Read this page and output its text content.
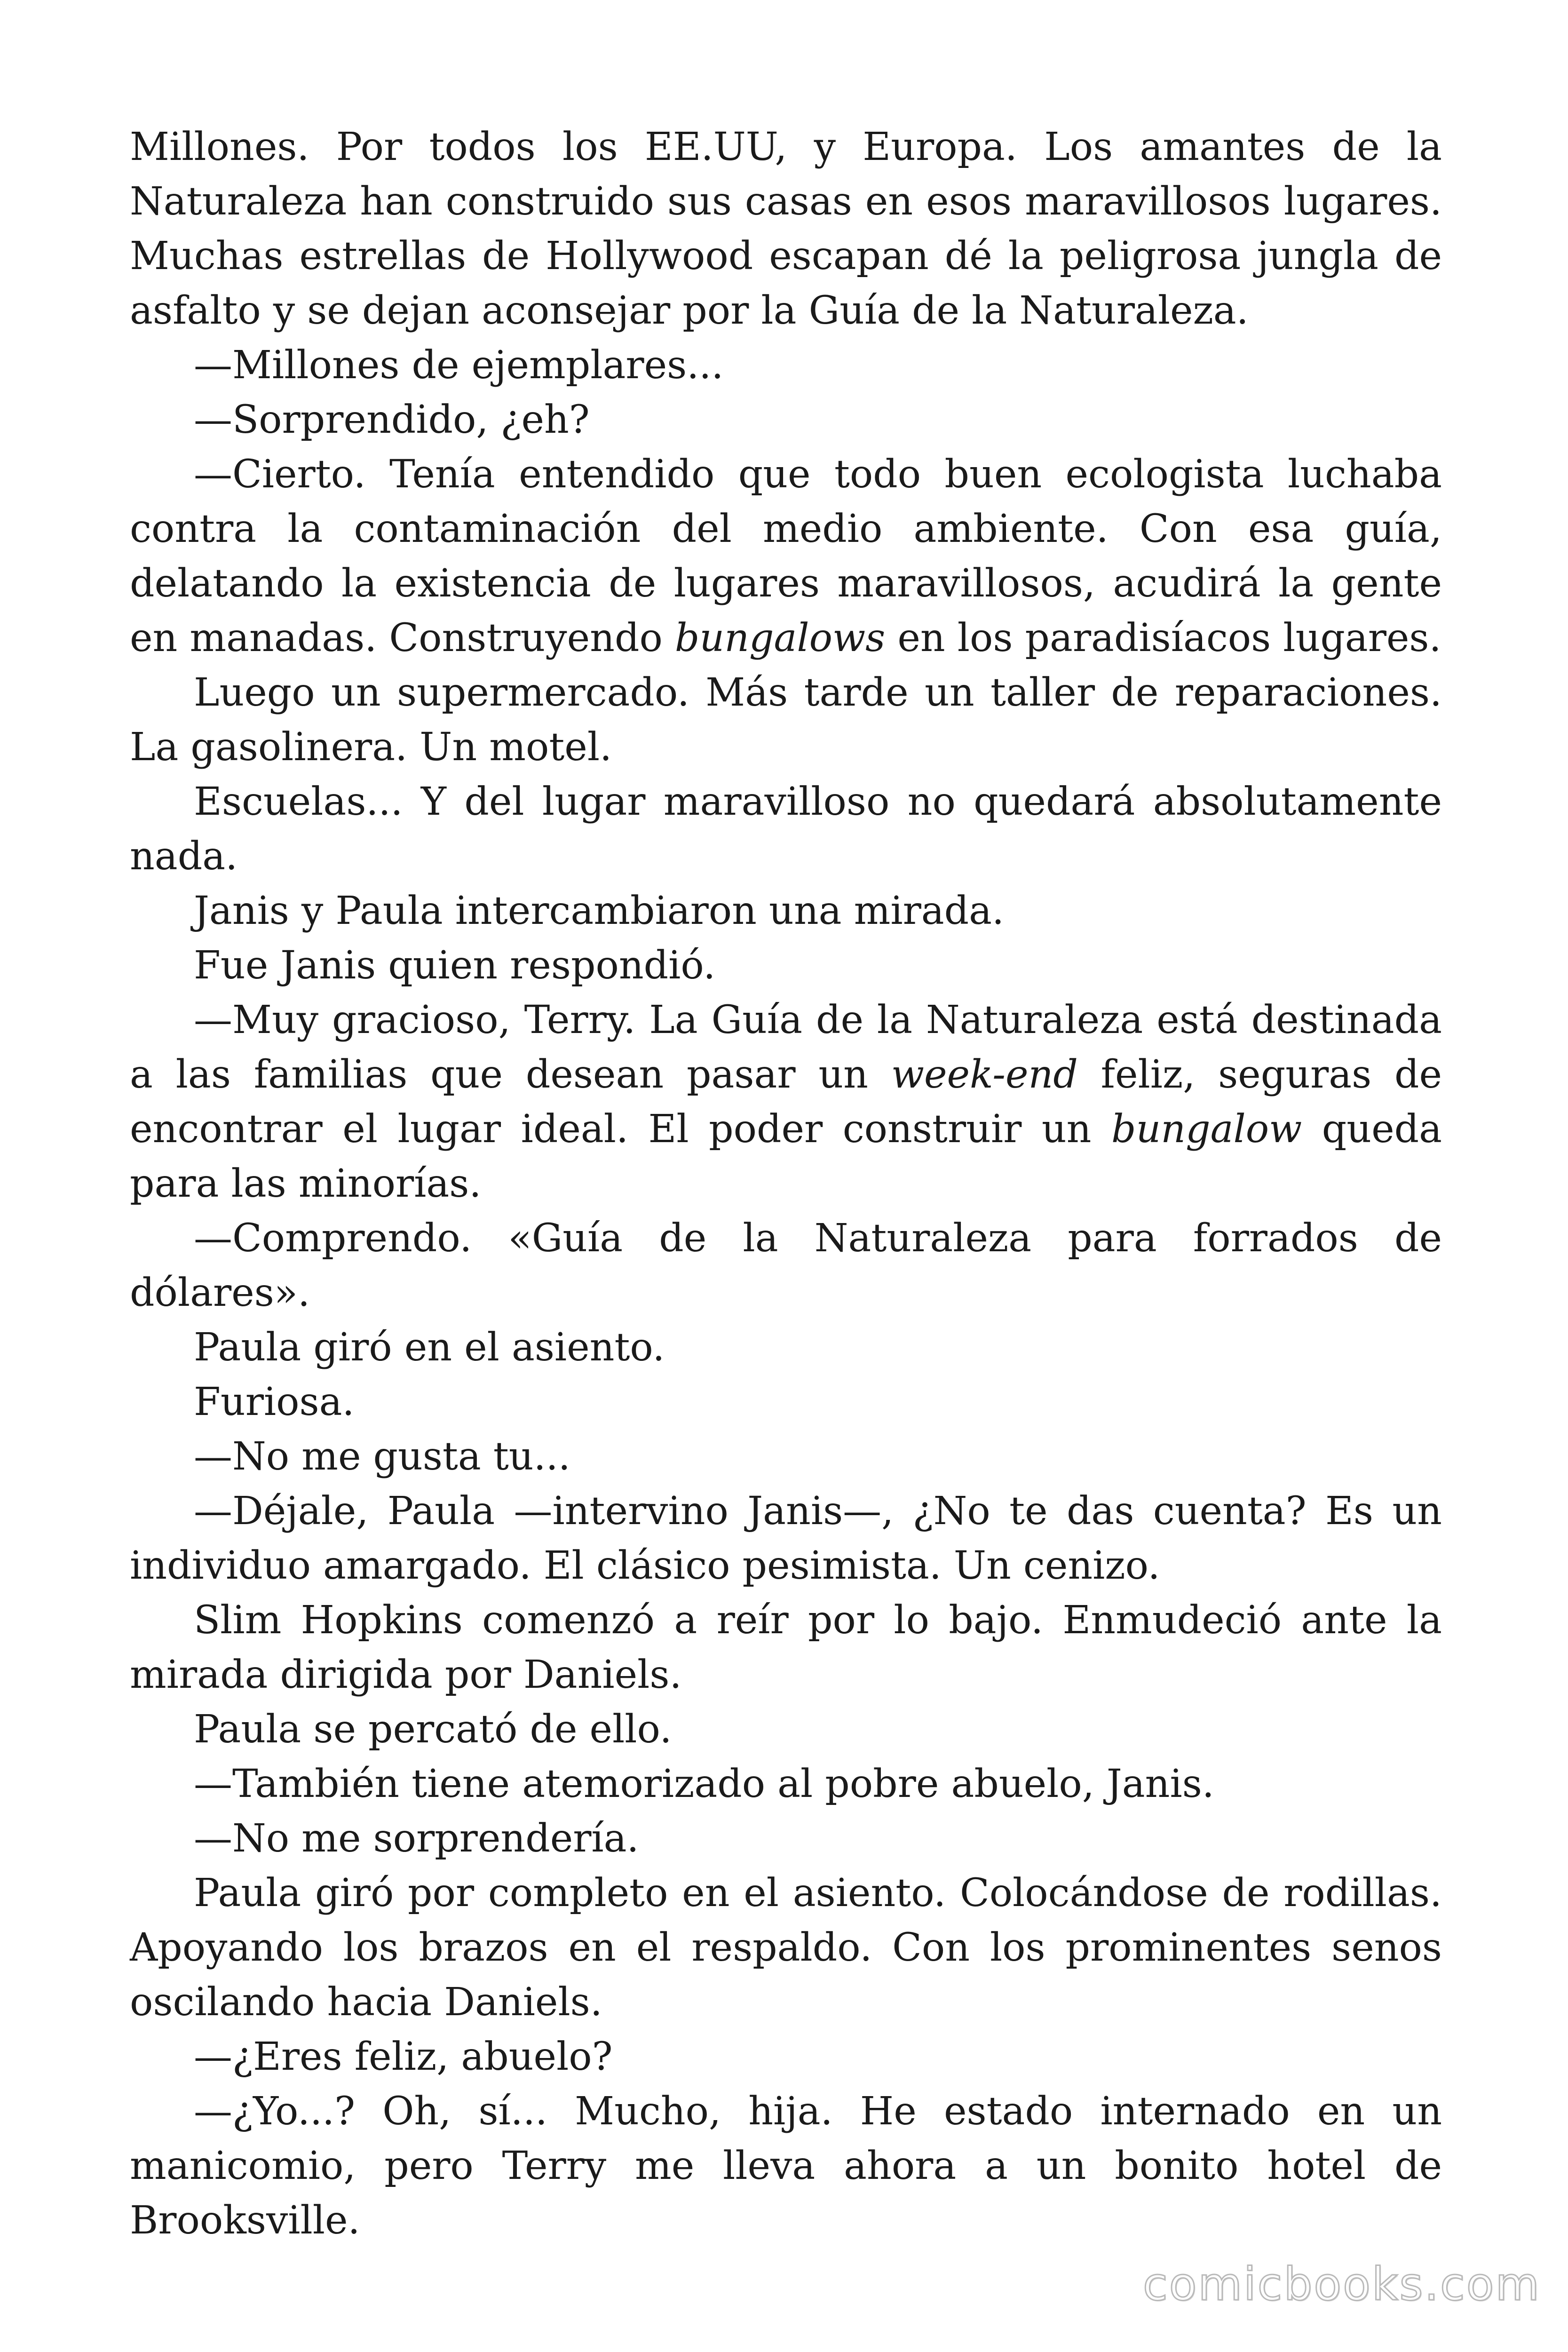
Millones. Por todos los EE.UU, y Europa. Los amantes de la Naturaleza han construido sus casas en esos maravillosos lugares. Muchas estrellas de Hollywood escapan dé la peligrosa jungla de asfalto y se dejan aconsejar por la Guía de la Naturaleza.

—Millones de ejemplares...

—Sorprendido, ¿eh?

—Cierto. Tenía entendido que todo buen ecologista luchaba contra la contaminación del medio ambiente. Con esa guía, delatando la existencia de lugares maravillosos, acudirá la gente en manadas. Construyendo bungalows en los paradisíacos lugares.

Luego un supermercado. Más tarde un taller de reparaciones. La gasolinera. Un motel.

Escuelas... Y del lugar maravilloso no quedará absolutamente nada.

Janis y Paula intercambiaron una mirada.

Fue Janis quien respondió.

—Muy gracioso, Terry. La Guía de la Naturaleza está destinada a las familias que desean pasar un week-end feliz, seguras de encontrar el lugar ideal. El poder construir un bungalow queda para las minorías.

—Comprendo. «Guía de la Naturaleza para forrados de dólares».

Paula giró en el asiento.

Furiosa.

—No me gusta tu...

—Déjale, Paula —intervino Janis—, ¿No te das cuenta? Es un individuo amargado. El clásico pesimista. Un cenizo.

Slim Hopkins comenzó a reír por lo bajo. Enmudeció ante la mirada dirigida por Daniels.

Paula se percató de ello.

—También tiene atemorizado al pobre abuelo, Janis.

—No me sorprendería.

Paula giró por completo en el asiento. Colocándose de rodillas. Apoyando los brazos en el respaldo. Con los prominentes senos oscilando hacia Daniels.

—¿Eres feliz, abuelo?

—¿Yo...? Oh, sí... Mucho, hija. He estado internado en un manicomio, pero Terry me lleva ahora a un bonito hotel de Brooksville.

comicbooks.com
